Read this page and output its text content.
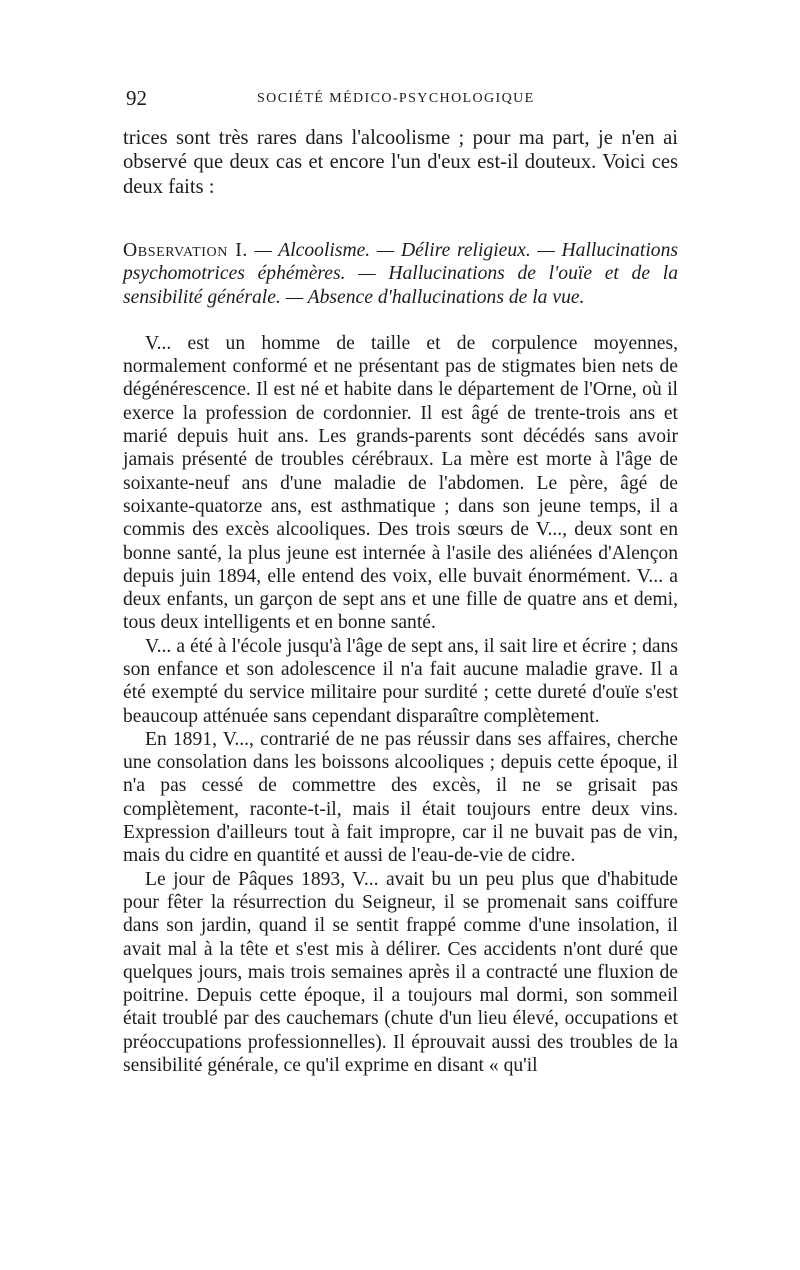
92	SOCIÉTÉ MÉDICO-PSYCHOLOGIQUE

trices sont très rares dans l'alcoolisme ; pour ma part, je n'en ai observé que deux cas et encore l'un d'eux est-il douteux. Voici ces deux faits :

Observation I. — Alcoolisme. — Délire religieux. — Hallucinations psychomotrices éphémères. — Hallucinations de l'ouïe et de la sensibilité générale. — Absence d'hallucinations de la vue.

V... est un homme de taille et de corpulence moyennes, normalement conformé et ne présentant pas de stigmates bien nets de dégénérescence. Il est né et habite dans le département de l'Orne, où il exerce la profession de cordonnier. Il est âgé de trente-trois ans et marié depuis huit ans. Les grands-parents sont décédés sans avoir jamais présenté de troubles cérébraux. La mère est morte à l'âge de soixante-neuf ans d'une maladie de l'abdomen. Le père, âgé de soixante-quatorze ans, est asthmatique ; dans son jeune temps, il a commis des excès alcooliques. Des trois sœurs de V..., deux sont en bonne santé, la plus jeune est internée à l'asile des aliénées d'Alençon depuis juin 1894, elle entend des voix, elle buvait énormément. V... a deux enfants, un garçon de sept ans et une fille de quatre ans et demi, tous deux intelligents et en bonne santé.

V... a été à l'école jusqu'à l'âge de sept ans, il sait lire et écrire ; dans son enfance et son adolescence il n'a fait aucune maladie grave. Il a été exempté du service militaire pour surdité ; cette dureté d'ouïe s'est beaucoup atténuée sans cependant disparaître complètement.

En 1891, V..., contrarié de ne pas réussir dans ses affaires, cherche une consolation dans les boissons alcooliques ; depuis cette époque, il n'a pas cessé de commettre des excès, il ne se grisait pas complètement, raconte-t-il, mais il était toujours entre deux vins. Expression d'ailleurs tout à fait impropre, car il ne buvait pas de vin, mais du cidre en quantité et aussi de l'eau-de-vie de cidre.

Le jour de Pâques 1893, V... avait bu un peu plus que d'habitude pour fêter la résurrection du Seigneur, il se promenait sans coiffure dans son jardin, quand il se sentit frappé comme d'une insolation, il avait mal à la tête et s'est mis à délirer. Ces accidents n'ont duré que quelques jours, mais trois semaines après il a contracté une fluxion de poitrine. Depuis cette époque, il a toujours mal dormi, son sommeil était troublé par des cauchemars (chute d'un lieu élevé, occupations et préoccupations professionnelles). Il éprouvait aussi des troubles de la sensibilité générale, ce qu'il exprime en disant « qu'il
